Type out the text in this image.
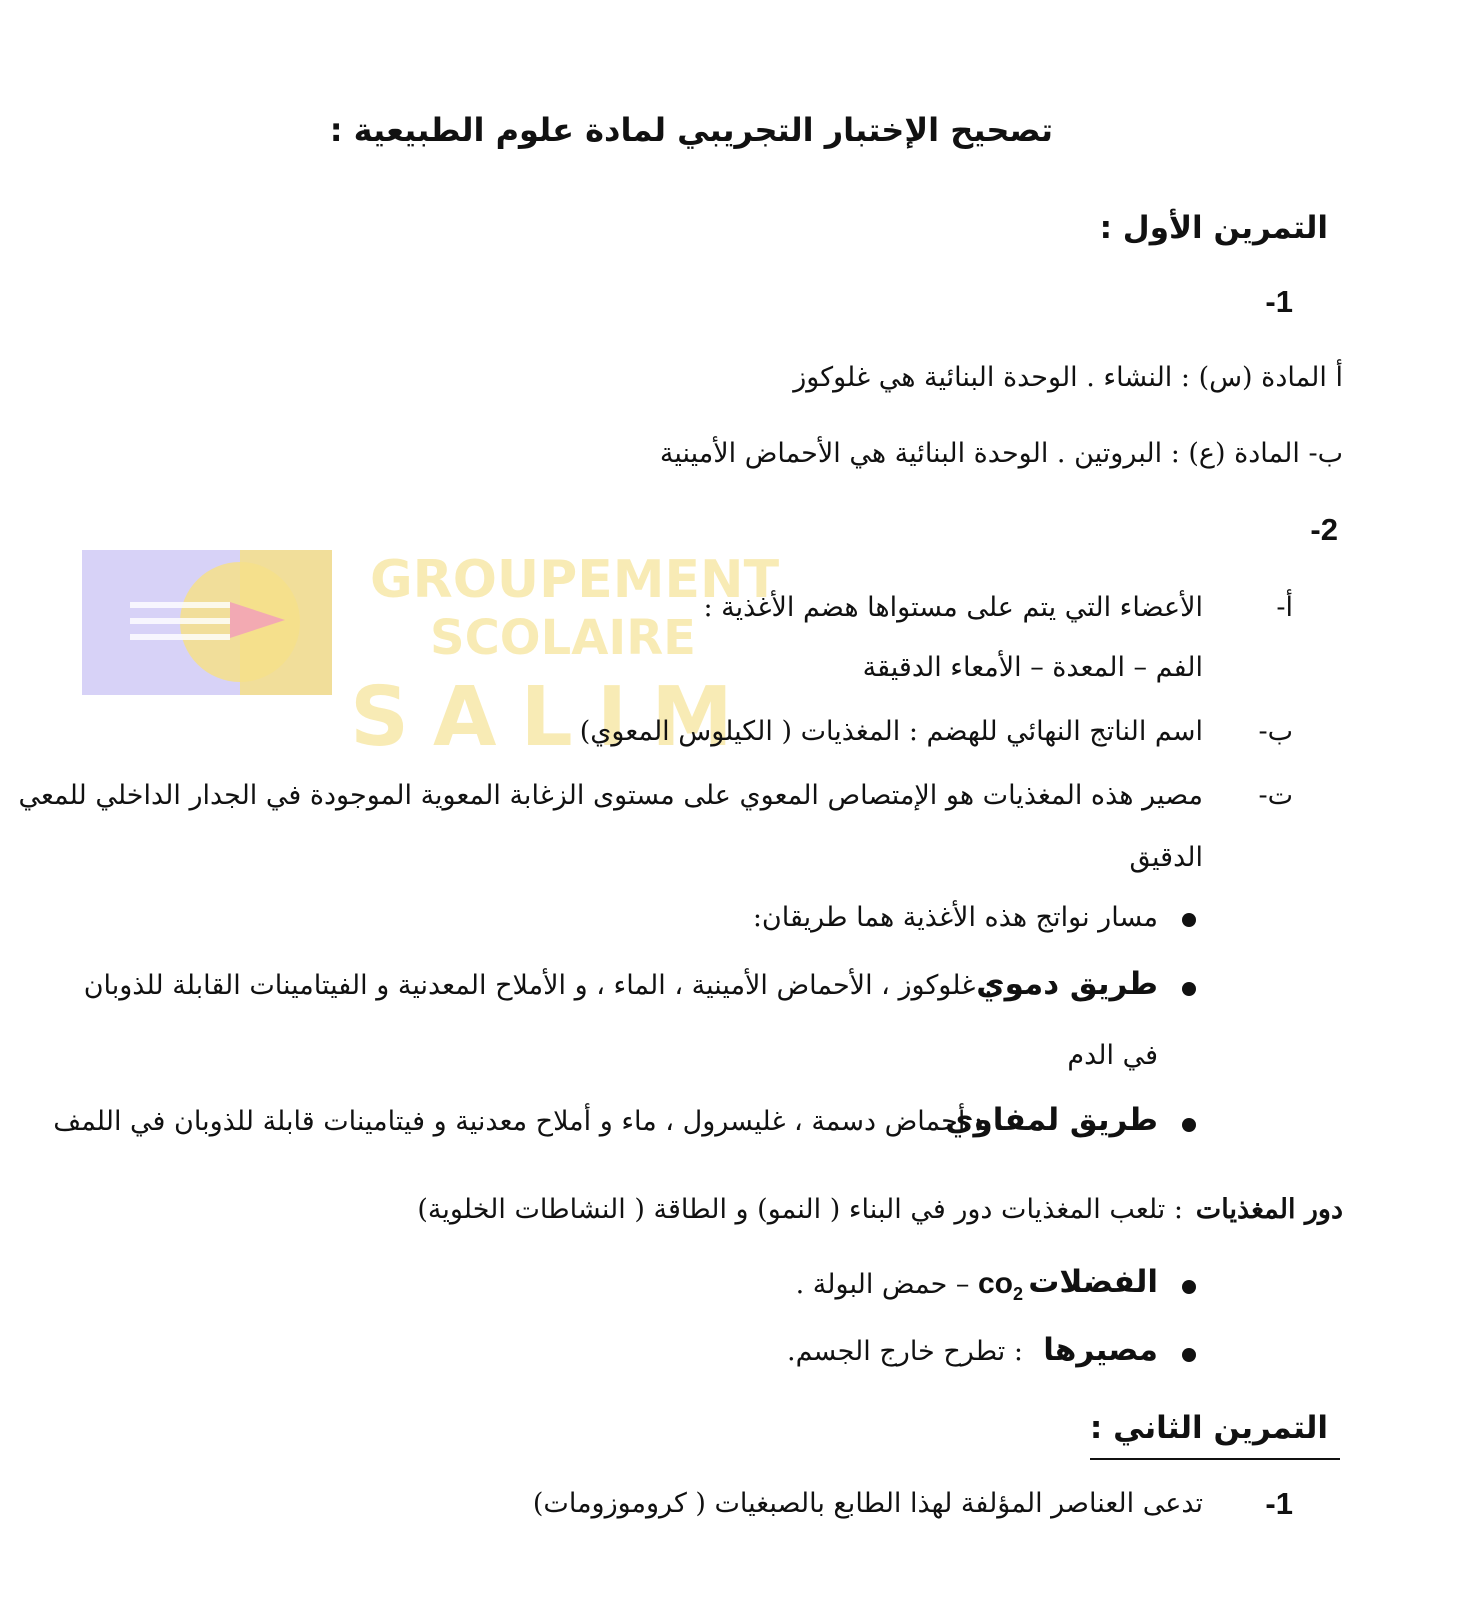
GROUPEMENT
SCOLAIRE
SALIM
تصحيح الإختبار التجريبي لمادة علوم الطبيعية :
التمرين الأول :
-1
أ المادة (س) : النشاء . الوحدة البنائية هي غلوكوز
ب- المادة (ع) : البروتين . الوحدة البنائية هي الأحماض الأمينية
-2
أ-
الأعضاء التي يتم على مستواها هضم الأغذية :
الفم – المعدة – الأمعاء الدقيقة
ب-
اسم الناتج النهائي للهضم : المغذيات ( الكيلوس المعوي)
ت-
مصير هذه المغذيات هو الإمتصاص المعوي على مستوى الزغابة المعوية الموجودة في الجدار الداخلي للمعي
الدقيق
مسار نواتج هذه الأغذية هما طريقان:
طريق دموي
: غلوكوز ، الأحماض الأمينية ، الماء ، و الأملاح المعدنية و الفيتامينات القابلة للذوبان
في الدم
طريق لمفاوي
: أحماض دسمة ، غليسرول ، ماء و أملاح معدنية و فيتامينات قابلة للذوبان في اللمف
دور المغذيات
: تلعب المغذيات دور في البناء ( النمو) و الطاقة ( النشاطات الخلوية)
الفضلات
$co_2$ – حمض البولة .
مصيرها
: تطرح خارج الجسم.
التمرين الثاني :
-1
تدعى العناصر المؤلفة لهذا الطابع بالصبغيات ( كروموزومات)
